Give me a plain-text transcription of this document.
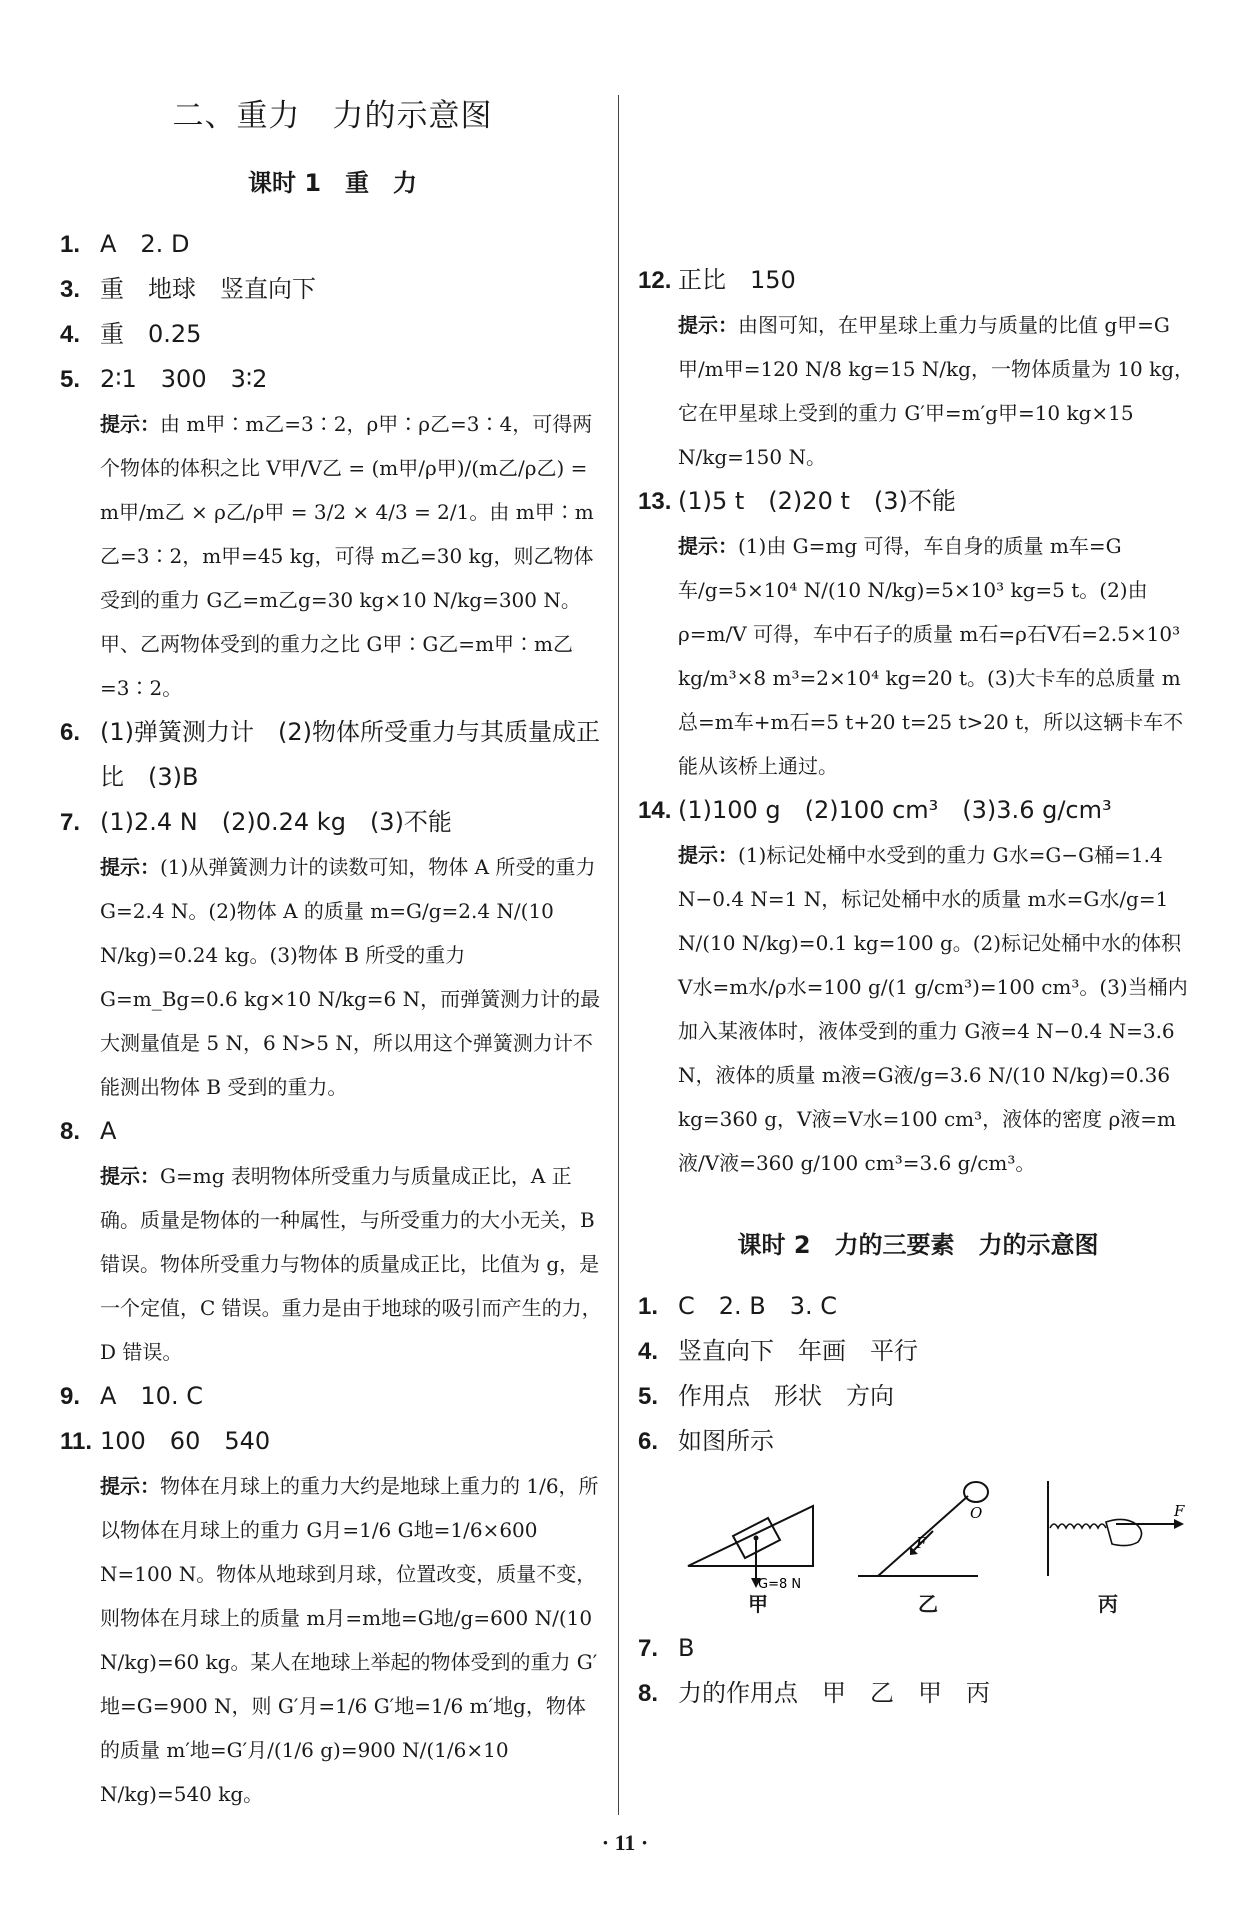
二、重力　力的示意图
课时 1　重　力
1. A　2. D
3. 重　地球　竖直向下
4. 重　0.25
5. 2∶1　300　3∶2
提示：由 m甲∶m乙=3∶2，ρ甲∶ρ乙=3∶4，可得两个物体的体积之比 V甲/V乙 = (m甲/ρ甲)/(m乙/ρ乙) = m甲/m乙 × ρ乙/ρ甲 = 3/2 × 4/3 = 2/1。由 m甲∶m乙=3∶2，m甲=45 kg，可得 m乙=30 kg，则乙物体受到的重力 G乙=m乙g=30 kg×10 N/kg=300 N。甲、乙两物体受到的重力之比 G甲∶G乙=m甲∶m乙=3∶2。
6. (1)弹簧测力计　(2)物体所受重力与其质量成正比　(3)B
7. (1)2.4 N　(2)0.24 kg　(3)不能
提示：(1)从弹簧测力计的读数可知，物体 A 所受的重力 G=2.4 N。(2)物体 A 的质量 m=G/g=2.4 N/(10 N/kg)=0.24 kg。(3)物体 B 所受的重力 G=m_Bg=0.6 kg×10 N/kg=6 N，而弹簧测力计的最大测量值是 5 N，6 N>5 N，所以用这个弹簧测力计不能测出物体 B 受到的重力。
8. A
提示：G=mg 表明物体所受重力与质量成正比，A 正确。质量是物体的一种属性，与所受重力的大小无关，B 错误。物体所受重力与物体的质量成正比，比值为 g，是一个定值，C 错误。重力是由于地球的吸引而产生的力，D 错误。
9. A　10. C
11. 100　60　540
提示：物体在月球上的重力大约是地球上重力的 1/6，所以物体在月球上的重力 G月=1/6 G地=1/6×600 N=100 N。物体从地球到月球，位置改变，质量不变，则物体在月球上的质量 m月=m地=G地/g=600 N/(10 N/kg)=60 kg。某人在地球上举起的物体受到的重力 G′地=G=900 N，则 G′月=1/6 G′地=1/6 m′地g，物体的质量 m′地=G′月/(1/6 g)=900 N/(1/6×10 N/kg)=540 kg。
12. 正比　150
提示：由图可知，在甲星球上重力与质量的比值 g甲=G甲/m甲=120 N/8 kg=15 N/kg，一物体质量为 10 kg，它在甲星球上受到的重力 G′甲=m′g甲=10 kg×15 N/kg=150 N。
13. (1)5 t　(2)20 t　(3)不能
提示：(1)由 G=mg 可得，车自身的质量 m车=G车/g=5×10⁴ N/(10 N/kg)=5×10³ kg=5 t。(2)由 ρ=m/V 可得，车中石子的质量 m石=ρ石V石=2.5×10³ kg/m³×8 m³=2×10⁴ kg=20 t。(3)大卡车的总质量 m总=m车+m石=5 t+20 t=25 t>20 t，所以这辆卡车不能从该桥上通过。
14. (1)100 g　(2)100 cm³　(3)3.6 g/cm³
提示：(1)标记处桶中水受到的重力 G水=G−G桶=1.4 N−0.4 N=1 N，标记处桶中水的质量 m水=G水/g=1 N/(10 N/kg)=0.1 kg=100 g。(2)标记处桶中水的体积 V水=m水/ρ水=100 g/(1 g/cm³)=100 cm³。(3)当桶内加入某液体时，液体受到的重力 G液=4 N−0.4 N=3.6 N，液体的质量 m液=G液/g=3.6 N/(10 N/kg)=0.36 kg=360 g，V液=V水=100 cm³，液体的密度 ρ液=m液/V液=360 g/100 cm³=3.6 g/cm³。
课时 2　力的三要素　力的示意图
1. C　2. B　3. C
4. 竖直向下　年画　平行
5. 作用点　形状　方向
6. 如图所示
G=8 N
F
O	F
甲	乙	丙
7. B
8. 力的作用点　甲　乙　甲　丙
· 11 ·
